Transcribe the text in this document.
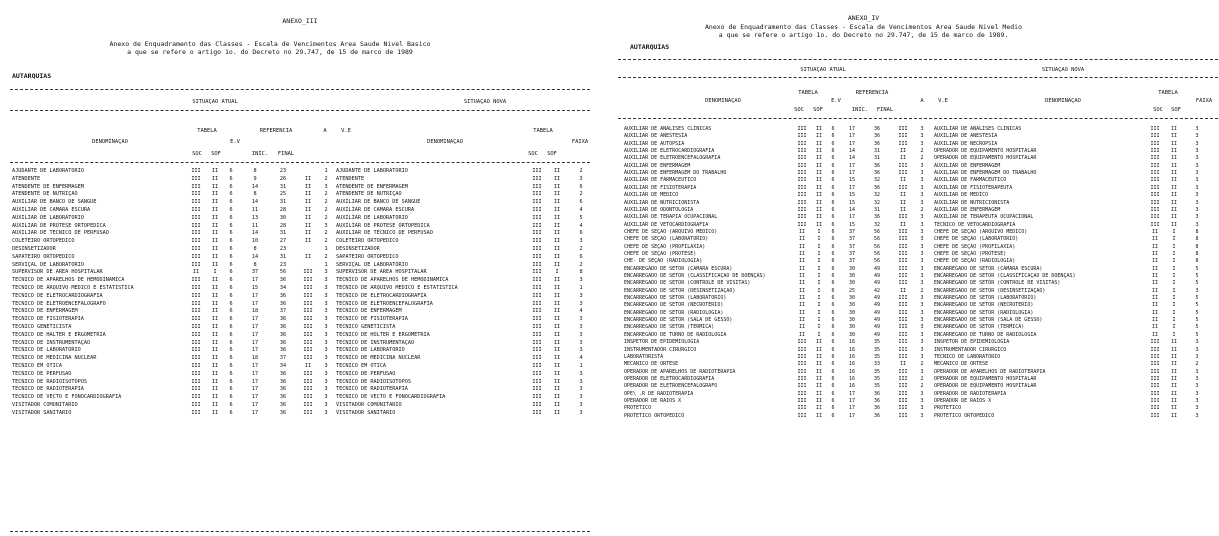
ANEXO_III
Anexo de Enquadramento das Classes - Escala de Vencimentos Area Saude Nivel Basico
a que se refere o artigo 1o. do Decreto no 29.747, de 15 de marco de 1989
AUTARQUIAS
SITUAÇÃO ATUAL	SITUAÇÃO NOVA
DENOMINAÇÃO
TABELA
E.V
REFERENCIA	A	V.E
DENOMINAÇÃO
TABELA
FAIXA
SOC	SOF	INIC.	FINAL	SOC	SOF
AJUDANTE DE LABORATORIO	III	II	6	8	23	1	AJUDANTE DE LABORATORIO	III	II	2
ATENDENTE	III	II	6	9	26	II	2	ATENDENTE	III	II	3
ATENDENTE DE ENFERMAGEM	III	II	6	14	31	II	3	ATENDENTE DE ENFERMAGEM	III	II	6
ATENDENTE DE NUTRIÇAO	III	II	6	8	25	II	2	ATENDENTE DE NUTRIÇAO	III	II	2
AUXILIAR DE BANCO DE SANGUE	III	II	6	14	31	II	2	AUXILIAR DE BANCO DE SANGUE	III	II	6
AUXILIAR DE CAMARA ESCURA	III	II	6	11	28	II	2	AUXILIAR DE CAMARA ESCURA	III	II	4
AUXILIAR DE LABORATORIO	III	II	6	13	30	II	2	AUXILIAR DE LABORATORIO	III	II	5
AUXILIAR DE PROTESE ORTOPEDICA	III	II	6	11	28	II	3	AUXILIAR DE PROTESE ORTOPEDICA	III	II	4
AUXILIAR DE TECNICO DE PERFUSAO	III	II	6	14	31	II	2	AUXILIAR DE TECNICO DE PERFUSAO	III	II	6
COLETEIRO ORTOPEDICO	III	II	6	10	27	II	2	COLETEIRO ORTOPEDICO	III	II	3
DESINSETIZADOR	III	II	6	8	23	1	DESINSETIZADOR	III	II	2
SAPATEIRO ORTOPEDICO	III	II	6	14	31	II	2	SAPATEIRO ORTOPEDICO	III	II	6
SERVIÇAL DE LABORATORIO	III	II	6	8	23	1	SERVIÇAL DE LABORATORIO	III	II	2
SUPERVISOR DE AREA HOSPITALAR	II	I	6	37	56	III	3	SUPERVISOR DE AREA HOSPITALAR	III	I	8
TECNICO DE APARELHOS DE HEMODINAMICA	III	II	6	17	36	III	3	TECNICO DE APARELHOS DE HEMODINAMICA	III	II	3
TECNICO DE ARQUIVO MEDICO E ESTATISTICA	III	II	6	15	34	III	3	TECNICO DE ARQUIVO MEDICO E ESTATISTICA	III	II	1
TECNICO DE ELETROCARDIOGRAFIA	III	II	6	17	36	III	3	TECNICO DE ELETROCARDIOGRAFIA	III	II	3
TECNICO DE ELETROENCEFALOGRAFO	III	II	6	17	36	III	3	TECNICO DE ELETROENCEFALOGRAFIA	III	II	3
TECNICO DE ENFERMAGEM	III	II	6	18	37	III	3	TECNICO DE ENFERMAGEM	III	II	4
TECNICO DE FISIOTERAPIA	III	II	6	17	36	III	3	TECNICO DE FISIOTERAPIA	III	II	3
TECNICO GENETICISTA	III	II	6	17	36	III	3	TECNICO GENETICISTA	III	II	3
TECNICO DE HALTER E ERGOMETRIA	III	II	6	17	36	III	3	TECNICO DE HOLTER E ERGOMETRIA	III	II	3
TECNICO DE INSTRUMENTAÇAO	III	II	6	17	36	III	3	TECNICO DE INSTRUMENTAÇAO	III	II	3
TECNICO DE LABORATORIO	III	II	6	17	36	III	3	TECNICO DE LABORATORIO	III	II	3
TECNICO DE MEDICINA NUCLEAR	III	II	6	18	37	III	3	TECNICO DE MEDICINA NUCLEAR	III	II	4
TECNICO EM OTICA	III	II	6	17	34	II	3	TECNICO EM OTICA	III	II	1
TECNICO DE PERFUSAO	III	II	6	17	36	III	3	TECNICO DE PERFUSAO	III	II	3
TECNICO DE RADIOISOTOPOS	III	II	6	17	36	III	3	TECNICO DE RADIOISOTOPOS	III	II	3
TECNICO DE RADIOTERAPIA	III	II	6	17	36	III	3	TECNICO DE RADIOTERAPIA	III	II	3
TECNICO DE VECTO E FONOCARDIOGRAFIA	III	II	6	17	36	III	3	TECNICO DE VECTO E FONOCARDIOGRAFIA	III	II	3
VISITADOR COMUNITARIO	III	II	6	17	36	III	3	VISITADOR COMUNITARIO	III	II	3
VISITADOR SANITARIO	III	II	6	17	36	III	3	VISITADOR SANITARIO	III	II	3
ANEXO_IV
Anexo de Enquadramento das Classes - Escala de Vencimentos Area Saude Nivel Medio
a que se refere o artigo 1o. do Decreto no 29.747, de 15 de marco de 1989.
AUTARQUIAS
SITUAÇÃO ATUAL	SITUAÇÃO NOVA
DENOMINAÇÃO
TABELA
E.V
REFERENCIA
A	V.E	DENOMINAÇÃO
TABELA
FAIXA
SOC	SOF	INIC.	FINAL	SOC	SOF
AUXILIAR DE ANALISES CLINICAS	III	II	6	17	36	III	3	AUXILIAR DE ANALISES CLINICAS	III	II	3
AUXILIAR DE ANESTESIA	III	II	6	17	36	III	3	AUXILIAR DE ANESTESIA	III	II	3
AUXILIAR DE AUTOPSIA	III	II	6	17	36	III	3	AUXILIAR DE NECROPSIA	III	II	3
AUXILIAR DE ELETROCARDIOGRAFIA	III	II	6	14	31	II	2	OPERADOR DE EQUIPAMENTO HOSPITALAR	III	II	3
AUXILIAR DE ELETROENCEFALOGRAFIA	III	II	6	14	31	II	2	OPERADOR DE EQUIPAMENTO HOSPITALAR	III	II	3
AUXILIAR DE ENFERMAGEM	III	II	6	17	36	III	3	AUXILIAR DE ENFERMAGEM	III	II	3
AUXILIAR DE ENFERMAGEM DO TRABALHO	III	II	6	17	36	III	3	AUXILIAR DE ENFERMAGEM DO TRABALHO	III	II	3
AUXILIAR DE FARMACEUTICO	III	II	6	15	32	II	3	AUXILIAR DE FARMACEUTICO	III	II	3
AUXILIAR DE FISIOTERAPIA	III	II	6	17	36	III	3	AUXILIAR DE FISIOTERAPEUTA	III	II	3
AUXILIAR DE MEDICO	III	II	6	15	32	II	3	AUXILIAR DE MEDICO	III	II	3
AUXILIAR DE NUTRICIONISTA	III	II	6	15	32	II	3	AUXILIAR DE NUTRICIONISTA	III	II	3
AUXILIAR DE ODONTOLOGIA	III	II	6	14	31	II	2	AUXILIAR DE ENFERMAGEM	III	II	3
AUXILIAR DE TERAPIA OCUPACIONAL	III	II	6	17	36	III	3	AUXILIAR DE TERAPEUTA OCUPACIONAL	III	II	3
AUXILIAR DE VETOCARDIOGRAFIA	III	II	6	15	32	II	3	TECNICO DE VETOCARDIOGRAFIA	III	II	3
CHEFE DE SEÇAO (ARQUIVO MEDICO)	II	I	6	37	56	III	3	CHEFE DE SEÇAO (ARQUIVO MEDICO)	II	I	8
CHEFE DE SEÇAO (LABORATORIO)	II	I	6	37	56	III	3	CHEFE DE SEÇAO (LABORATORIO)	II	I	8
CHEFE DE SEÇAO (PROFILAXIA)	II	I	6	37	56	III	3	CHEFE DE SEÇAO (PROFILAXIA)	II	I	8
CHEFE DE SEÇAO (PROTESE)	II	I	6	37	56	III	3	CHEFE DE SEÇAO (PROTESE)	II	I	8
CHE- DE SEÇAO (RADIOLOGIA)	II	I	6	37	56	III	3	CHEFE DE SEÇAO (RADIOLOGIA)	II	I	8
ENCARREGADO DE SETOR (CAMARA ESCURA)	II	I	6	30	49	III	3	ENCARREGADO DE SETOR (CAMARA ESCURA)	II	I	5
ENCARREGADO DE SETOR (CLASSIFICAÇAO DE DOENÇAS)	II	I	6	30	49	III	3	ENCARREGADO DE SETOR (CLASSIFICAÇAO DE DOENÇAS)	II	I	5
ENCARREGADO DE SETOR (CONTROLE DE VISITAS)	II	I	6	30	49	III	3	ENCARREGADO DE SETOR (CONTROLE DE VISITAS)	II	I	5
ENCARREGADO DE SETOR (DESINSETIZAÇAO)	II	I	6	25	42	II	2	ENCARREGADO DE SETOR (DESINSETIZAÇAO)	II	I	3
ENCARREGADO DE SETOR (LABORATORIO)	II	I	6	30	49	III	3	ENCARREGADO DE SETOR (LABORATORIO)	II	I	5
ENCARREGADO DE SETOR (NECROTERIO)	II	I	6	30	49	III	3	ENCARREGADO DE SETOR (NECROTERIO)	II	I	5
ENCARREGADO DE SETOR (RADIOLOGIA)	II	I	6	30	49	III	3	ENCARREGADO DE SETOR (RADIOLOGIA)	II	I	5
ENCARREGADO DE SETOR (SALA DE GESSO)	II	I	6	30	49	III	3	ENCARREGADO DE SETOR (SALA DE GESSO)	II	I	5
ENCARREGADO DE SETOR (TERMICA)	II	I	6	30	49	III	3	ENCARREGADO DE SETOR (TERMICA)	II	I	5
ENCARREGADO DE TURNO DE RADIOLOGIA	II	I	6	30	49	III	3	ENCARREGADO DE TURNO DE RADIOLOGIA	II	I	5
INSPETOR DE EPIDEMIOLOGIA	III	II	6	16	35	III	3	INSPETOR DE EPIDEMIOLOGIA	III	II	3
INSTRUMENTADOR CIRURGICO	III	II	6	16	35	III	3	INSTRUMENTADOR CIRURGICO	III	II	3
LABORATORISTA	III	II	6	16	35	III	3	TECNICO DE LABORATORIO	III	II	3
MECANICO DE ORTESE	III	II	6	16	33	II	2	MECANICO DE ORTESE	III	II	2
OPERADOR DE APARELHOS DE RADIOTERAPIA	III	II	6	16	35	III	3	OPERADOR DE APARELHOS DE RADIOTERAPIA	III	II	3
OPERADOR DE ELETROCARDIOGRAFIA	III	II	6	16	35	III	2	OPERADOR DE EQUIPAMENTO HOSPITALAR	III	II	3
OPERADOR DE ELETROENCEFALOGRAFO	III	II	6	16	35	III	2	OPERADOR DE EQUIPAMENTO HOSPITALAR	III	II	3
OPE\ .R DE RADIOTERAPIA	III	II	6	17	36	III	3	OPERADOR DE RADIOTERAPIA	III	II	3
OPERADOR DE RAIOS X	III	II	6	17	36	III	3	OPERADOR DE RAIOS X	III	II	3
PROTETICO	III	II	6	17	36	III	3	PROTETICO	III	II	3
PROTETICO ORTOPEDICO	III	II	6	17	36	III	3	PROTETICO ORTOPEDICO	III	II	3
